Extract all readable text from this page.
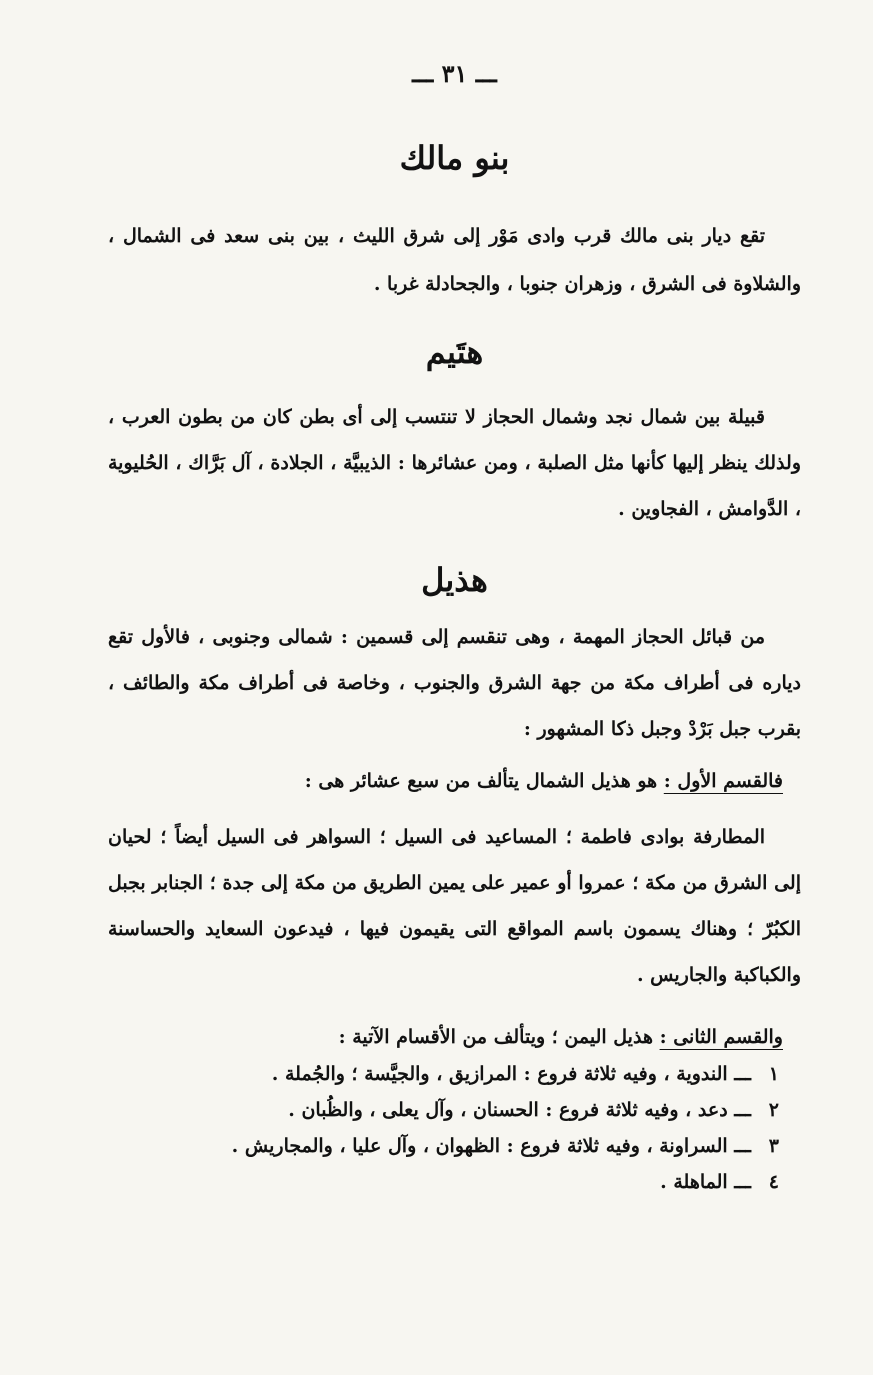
ـــ ٣١ ـــ
بنو مالك

تقع ديار بنى مالك قرب وادى مَوْر إلى شرق الليث ، بين بنى سعد فى الشمال ، والشلاوة فى الشرق ، وزهران جنوبا ، والجحادلة غربا .

هتَيم

قبيلة بين شمال نجد وشمال الحجاز لا تنتسب إلى أى بطن كان من بطون العرب ، ولذلك ينظر إليها كأنها مثل الصلبة ، ومن عشائرها : الذيبيَّة ، الجلادة ، آل بَرَّاك ، الحُليوية ، الدَّوامش ، الفجاوين .

هذيل

من قبائل الحجاز المهمة ، وهى تنقسم إلى قسمين : شمالى وجنوبى ، فالأول تقع دياره فى أطراف مكة من جهة الشرق والجنوب ، وخاصة فى أطراف مكة والطائف ، بقرب جبل بَرْدْ وجبل ذكا المشهور :

فالقسم الأول : هو هذيل الشمال يتألف من سبع عشائر هى :

المطارفة بوادى فاطمة ؛ المساعيد فى السيل ؛ السواهر فى السيل أيضاً ؛ لحيان إلى الشرق من مكة ؛ عمروا أو عمير على يمين الطريق من مكة إلى جدة ؛ الجنابر بجبل الكبُرّ ؛ وهناك يسمون باسم المواقع التى يقيمون فيها ، فيدعون السعايد والحساسنة والكباكبة والجاريس .

والقسم الثانى : هذيل اليمن ؛ ويتألف من الأقسام الآتية :
١
ـــ الندوية ، وفيه ثلاثة فروع : المرازيق ، والجيَّسة ؛ والجُملة .
٢
ـــ دعد ، وفيه ثلاثة فروع : الحسنان ، وآل يعلى ، والظُبان .
٣
ـــ السراونة ، وفيه ثلاثة فروع : الظهوان ، وآل عليا ، والمجاريش .
٤
ـــ الماهلة .
